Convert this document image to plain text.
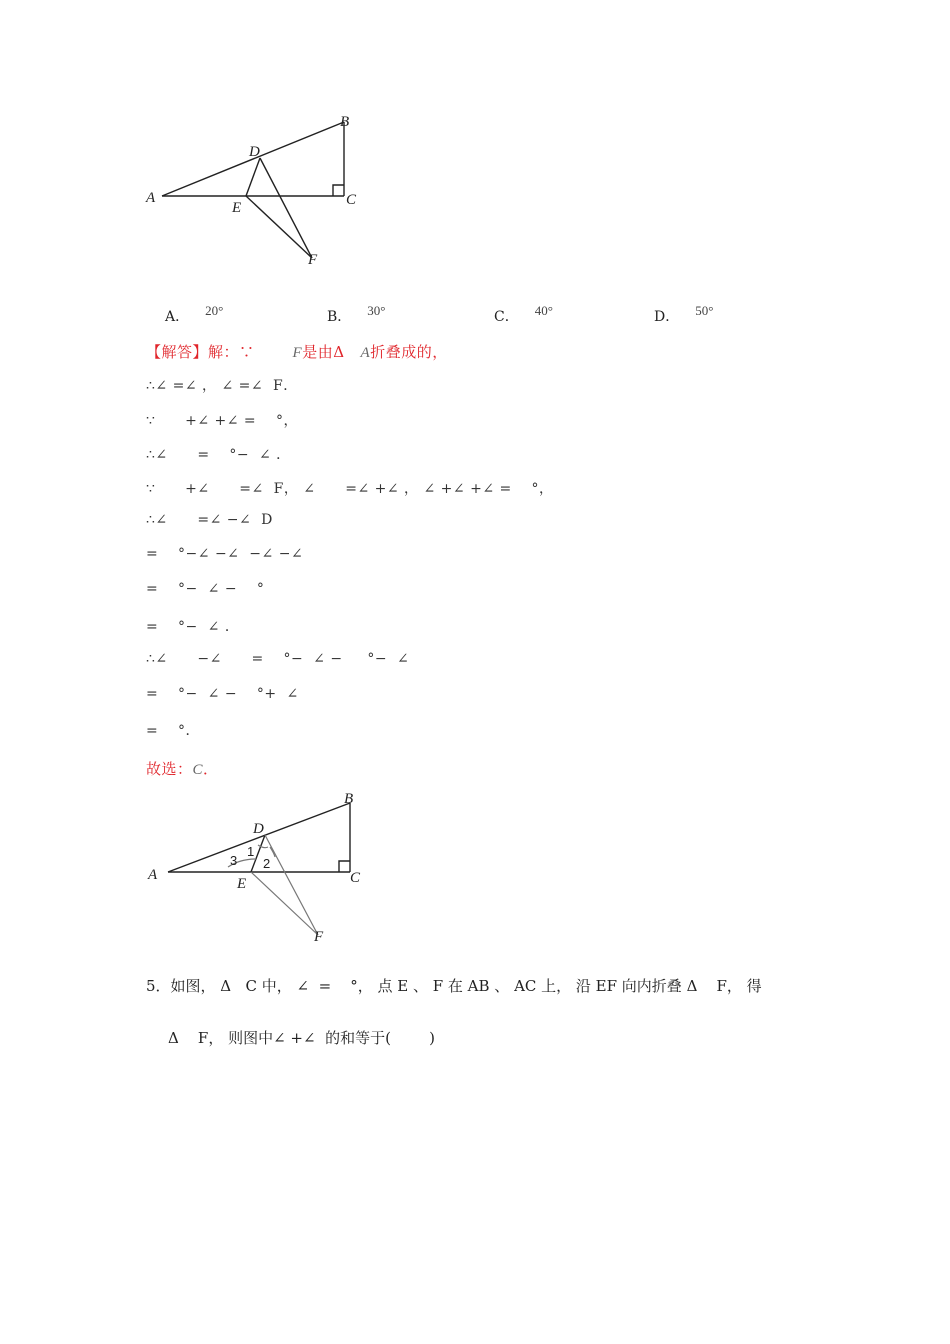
A
B
C
D
E
F
A． 20°	B． 30°	C． 40°	D． 50°
【解答】解：∵	F是由Δ A折叠成的，
∴∠ =∠ ， ∠ =∠  F．
∵      +∠ +∠ =    °，
∴∠      =    °−  ∠ ．
∵      +∠      =∠  F， ∠      =∠ +∠ ， ∠ +∠ +∠ =    °，
∴∠      =∠ −∠  D
=    °−∠ −∠  −∠ −∠
=    °−  ∠ −    °
=    °−  ∠ ．
∴∠      −∠      =    °−  ∠ −     °−  ∠
=    °−  ∠ −    °+  ∠
=    °．
故选：C．
A
B
C
D
E
F
1
2
3
5．如图， Δ   C 中， ∠  =    °， 点 E 、 F 在 AB 、 AC 上， 沿 EF 向内折叠 Δ    F， 得
Δ    F， 则图中∠ +∠  的和等于(        )
